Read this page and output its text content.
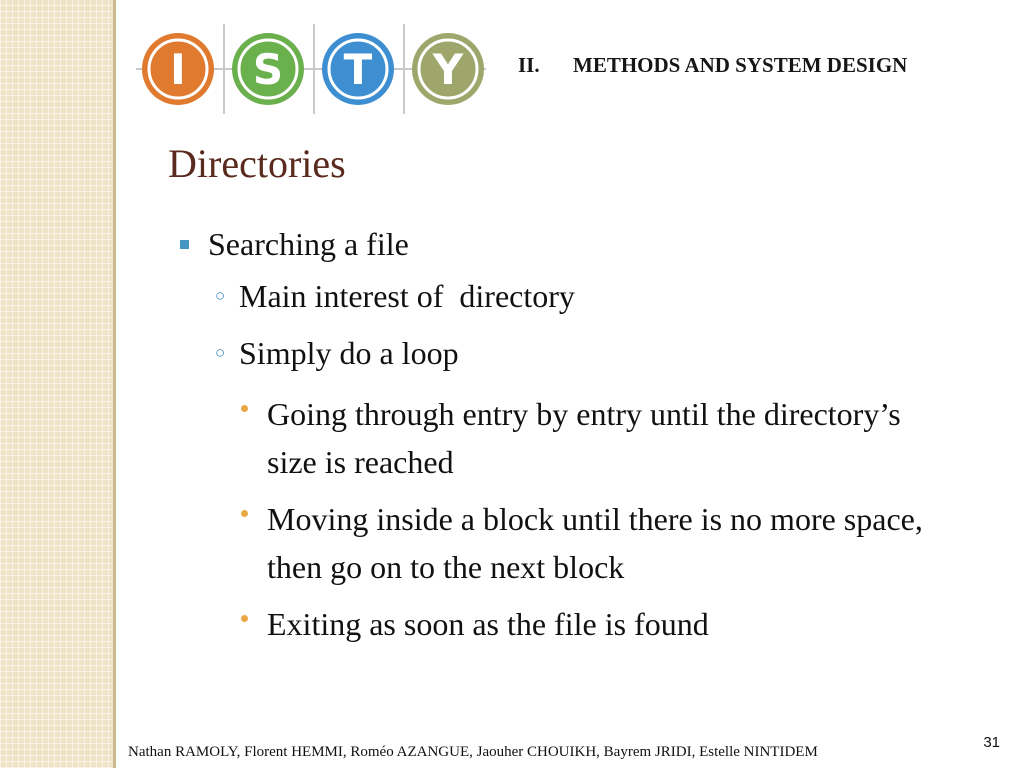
I S T Y	II. METHODS AND SYSTEM DESIGN
Directories
Searching a file
○ Main interest of  directory
○ Simply do a loop
Going through entry by entry until the directory’s size is reached
Moving inside a block until there is no more space, then go on to the next block
Exiting as soon as the file is found
Nathan RAMOLY, Florent HEMMI, Roméo AZANGUE, Jaouher CHOUIKH, Bayrem JRIDI, Estelle NINTIDEM
31
